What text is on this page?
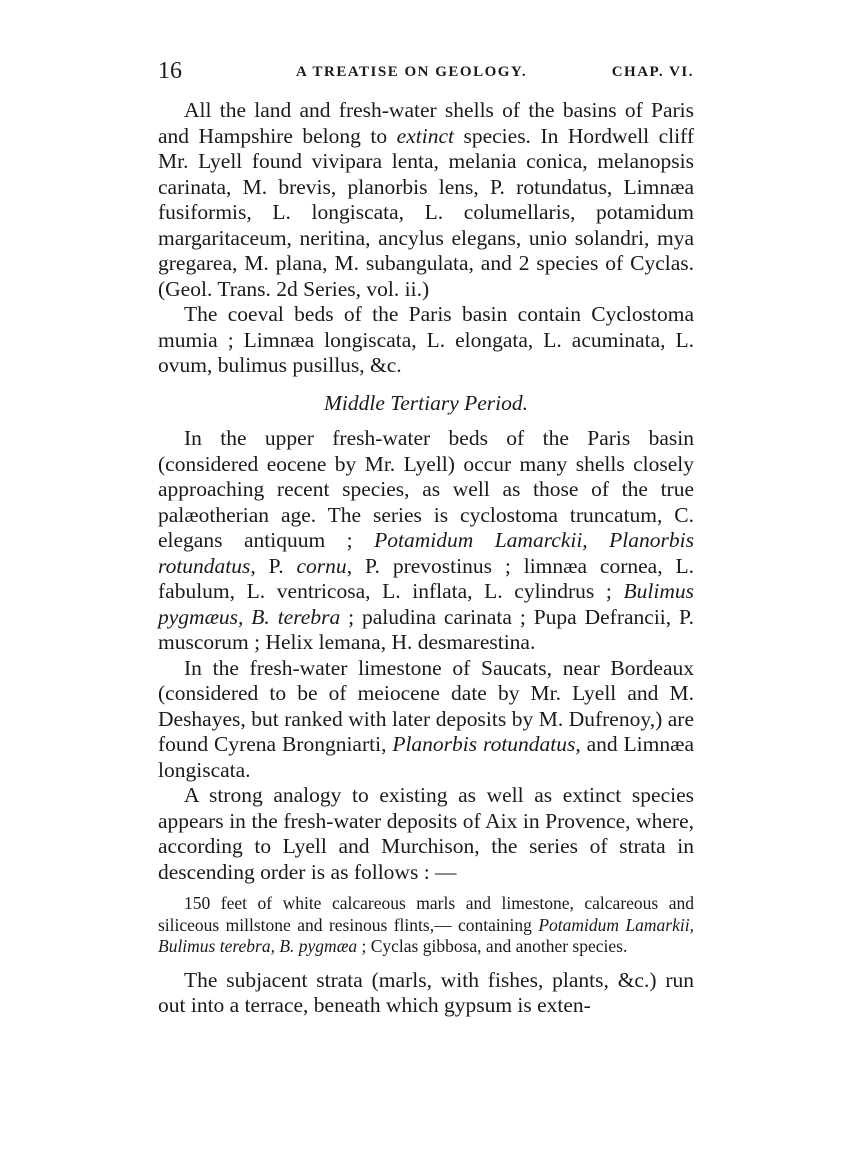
16	A TREATISE ON GEOLOGY.	CHAP. VI.

All the land and fresh-water shells of the basins of Paris and Hampshire belong to extinct species. In Hordwell cliff Mr. Lyell found vivipara lenta, melania conica, melanopsis carinata, M. brevis, planorbis lens, P. rotundatus, Limnæa fusiformis, L. longiscata, L. columellaris, potamidum margaritaceum, neritina, ancylus elegans, unio solandri, mya gregarea, M. plana, M. subangulata, and 2 species of Cyclas. (Geol. Trans. 2d Series, vol. ii.)

The coeval beds of the Paris basin contain Cyclostoma mumia ; Limnæa longiscata, L. elongata, L. acuminata, L. ovum, bulimus pusillus, &c.

Middle Tertiary Period.

In the upper fresh-water beds of the Paris basin (considered eocene by Mr. Lyell) occur many shells closely approaching recent species, as well as those of the true palæotherian age. The series is cyclostoma truncatum, C. elegans antiquum ; Potamidum Lamarckii, Planorbis rotundatus, P. cornu, P. prevostinus ; limnæa cornea, L. fabulum, L. ventricosa, L. inflata, L. cylindrus ; Bulimus pygmæus, B. terebra ; paludina carinata ; Pupa Defrancii, P. muscorum ; Helix lemana, H. desmarestina.

In the fresh-water limestone of Saucats, near Bordeaux (considered to be of meiocene date by Mr. Lyell and M. Deshayes, but ranked with later deposits by M. Dufrenoy,) are found Cyrena Brongniarti, Planorbis rotundatus, and Limnæa longiscata.

A strong analogy to existing as well as extinct species appears in the fresh-water deposits of Aix in Provence, where, according to Lyell and Murchison, the series of strata in descending order is as follows : —

150 feet of white calcareous marls and limestone, calcareous and siliceous millstone and resinous flints,— containing Potamidum Lamarkii, Bulimus terebra, B. pygmæa ; Cyclas gibbosa, and another species.

The subjacent strata (marls, with fishes, plants, &c.) run out into a terrace, beneath which gypsum is exten-
